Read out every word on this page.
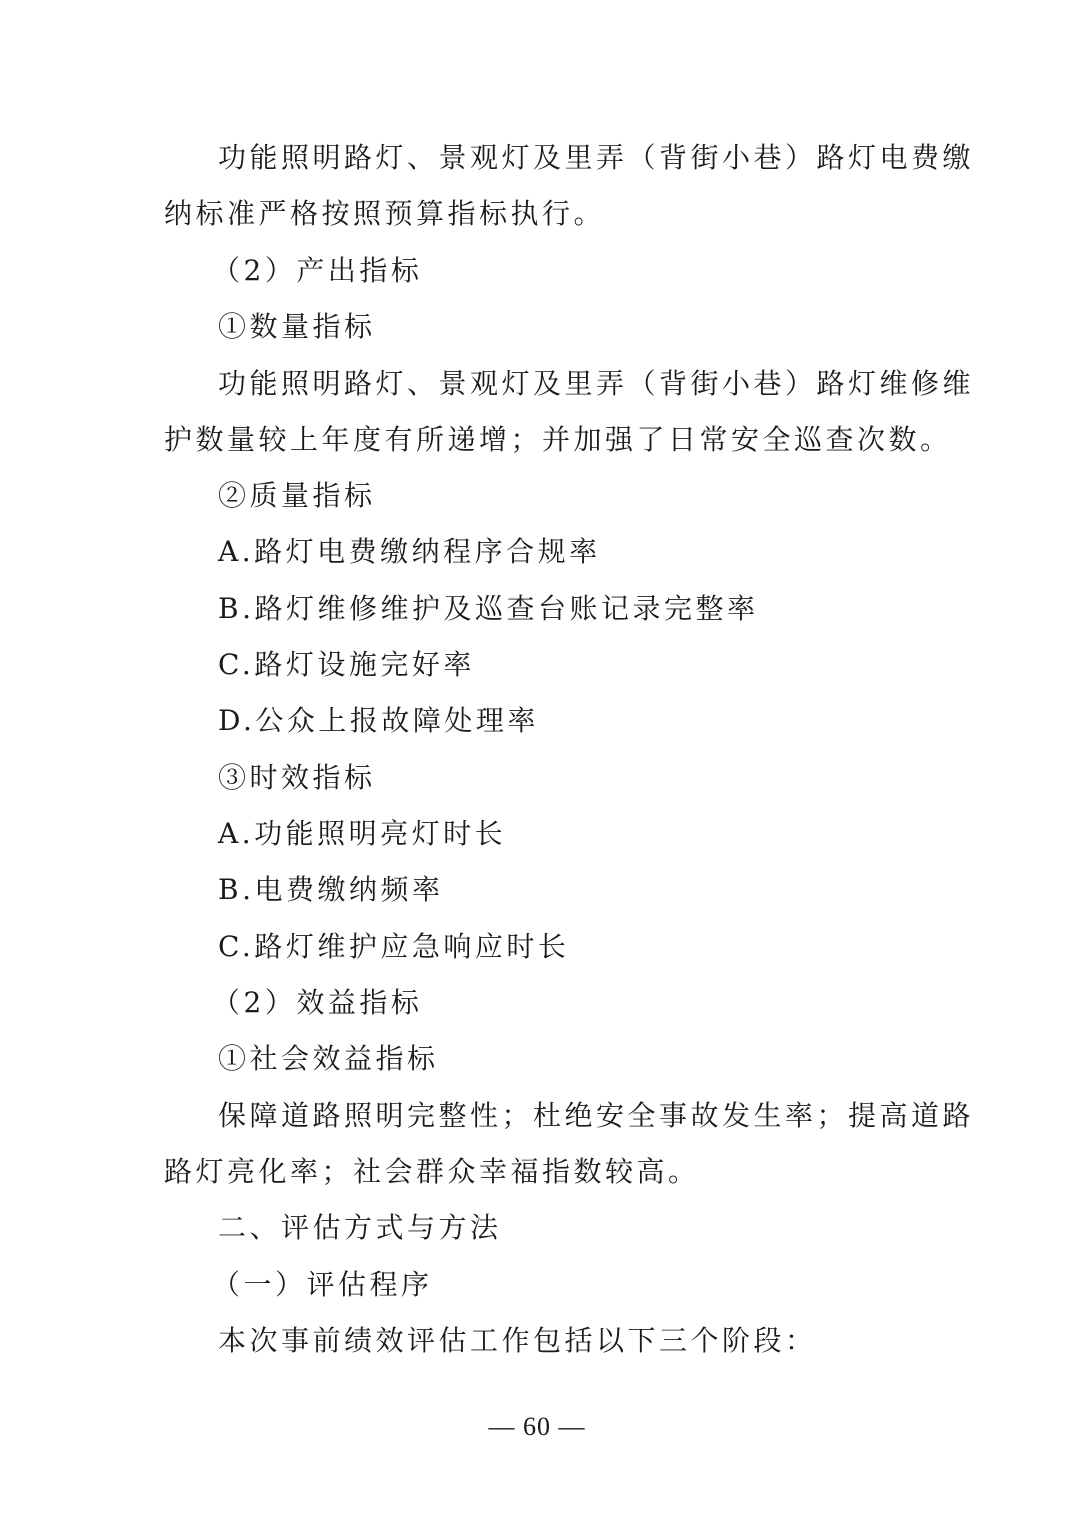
功能照明路灯、景观灯及里弄（背街小巷）路灯电费缴
纳标准严格按照预算指标执行。
（2）产出指标
①数量指标
功能照明路灯、景观灯及里弄（背街小巷）路灯维修维
护数量较上年度有所递增；并加强了日常安全巡查次数。
②质量指标
A.路灯电费缴纳程序合规率
B.路灯维修维护及巡查台账记录完整率
C.路灯设施完好率
D.公众上报故障处理率
③时效指标
A.功能照明亮灯时长
B.电费缴纳频率
C.路灯维护应急响应时长
（2）效益指标
①社会效益指标
保障道路照明完整性；杜绝安全事故发生率；提高道路
路灯亮化率；社会群众幸福指数较高。
二、评估方式与方法
（一）评估程序
本次事前绩效评估工作包括以下三个阶段：
— 60 —
